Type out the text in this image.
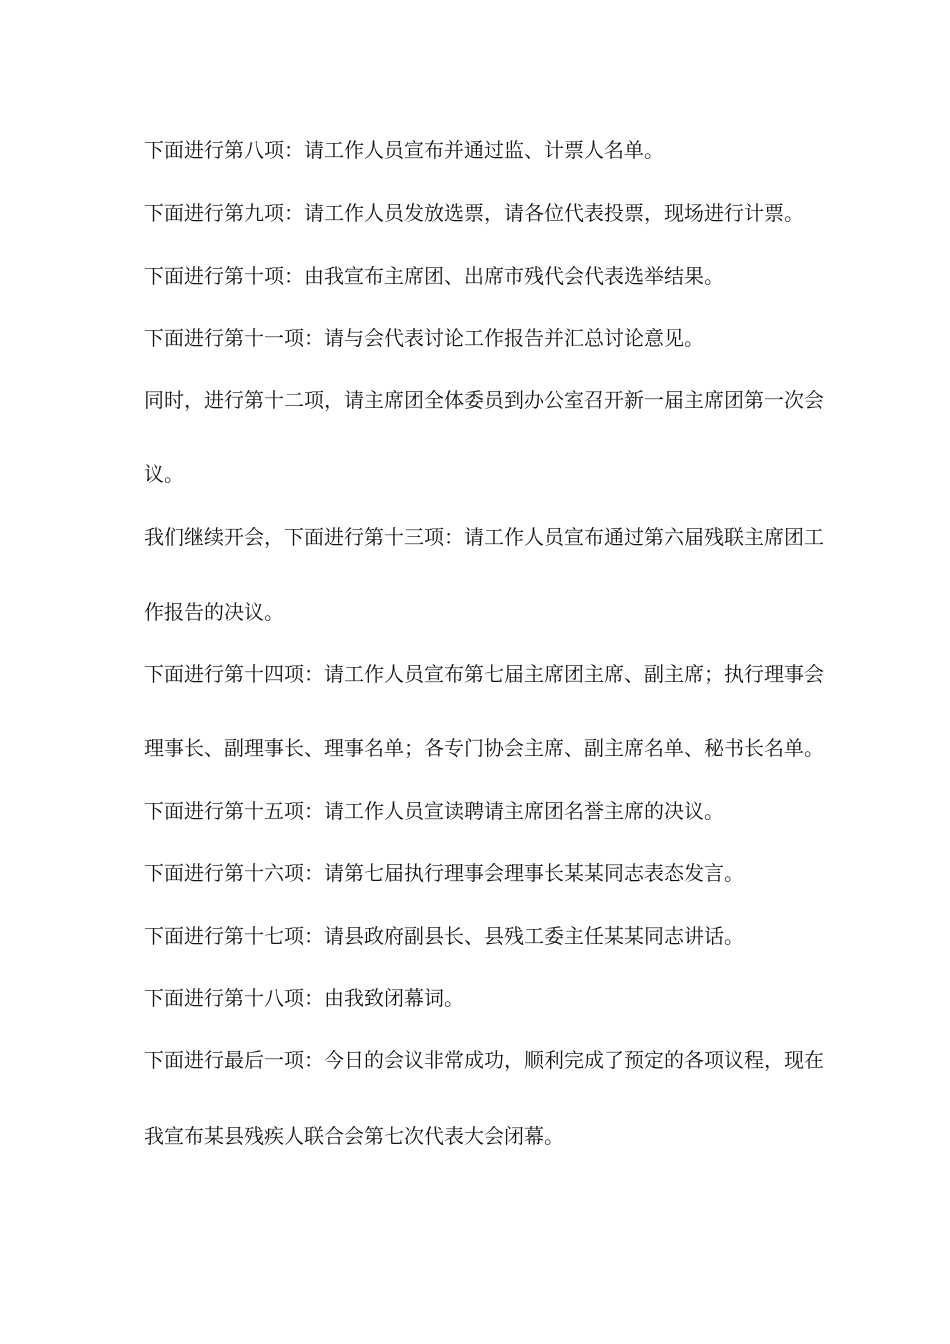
下面进行第八项：请工作人员宣布并通过监、计票人名单。
下面进行第九项：请工作人员发放选票，请各位代表投票，现场进行计票。
下面进行第十项：由我宣布主席团、出席市残代会代表选举结果。
下面进行第十一项：请与会代表讨论工作报告并汇总讨论意见。
同时，进行第十二项，请主席团全体委员到办公室召开新一届主席团第一次会
议。
我们继续开会，下面进行第十三项：请工作人员宣布通过第六届残联主席团工
作报告的决议。
下面进行第十四项：请工作人员宣布第七届主席团主席、副主席；执行理事会
理事长、副理事长、理事名单；各专门协会主席、副主席名单、秘书长名单。
下面进行第十五项：请工作人员宣读聘请主席团名誉主席的决议。
下面进行第十六项：请第七届执行理事会理事长某某同志表态发言。
下面进行第十七项：请县政府副县长、县残工委主任某某同志讲话。
下面进行第十八项：由我致闭幕词。
下面进行最后一项：今日的会议非常成功，顺利完成了预定的各项议程，现在
我宣布某县残疾人联合会第七次代表大会闭幕。
